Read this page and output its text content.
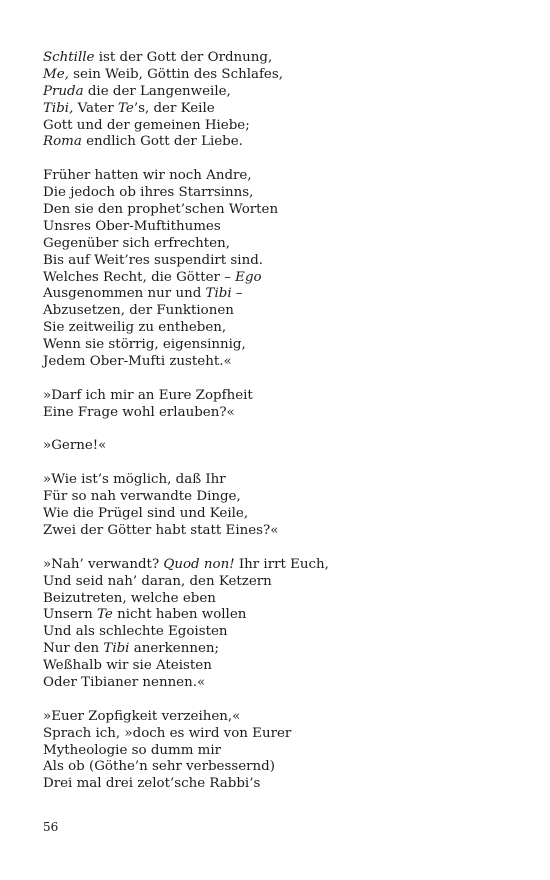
Schtille ist der Gott der Ordnung,
Me, sein Weib, Göttin des Schlafes,
Pruda die der Langenweile,
Tibi, Vater Te’s, der Keile
Gott und der gemeinen Hiebe;
Roma endlich Gott der Liebe.
Früher hatten wir noch Andre,
Die jedoch ob ihres Starrsinns,
Den sie den prophet’schen Worten
Unsres Ober-Muftithumes
Gegenüber sich erfrechten,
Bis auf Weit’res suspendirt sind.
Welches Recht, die Götter – Ego
Ausgenommen nur und Tibi –
Abzusetzen, der Funktionen
Sie zeitweilig zu entheben,
Wenn sie störrig, eigensinnig,
Jedem Ober-Mufti zusteht.«
»Darf ich mir an Eure Zopfheit
Eine Frage wohl erlauben?«
»Gerne!«
»Wie ist’s möglich, daß Ihr
Für so nah verwandte Dinge,
Wie die Prügel sind und Keile,
Zwei der Götter habt statt Eines?«
»Nah’ verwandt? Quod non! Ihr irrt Euch,
Und seid nah’ daran, den Ketzern
Beizutreten, welche eben
Unsern Te nicht haben wollen
Und als schlechte Egoisten
Nur den Tibi anerkennen;
Weßhalb wir sie Ateisten
Oder Tibianer nennen.«
»Euer Zopfigkeit verzeihen,«
Sprach ich, »doch es wird von Eurer
Mytheologie so dumm mir
Als ob (Göthe’n sehr verbessernd)
Drei mal drei zelot’sche Rabbi’s
56
